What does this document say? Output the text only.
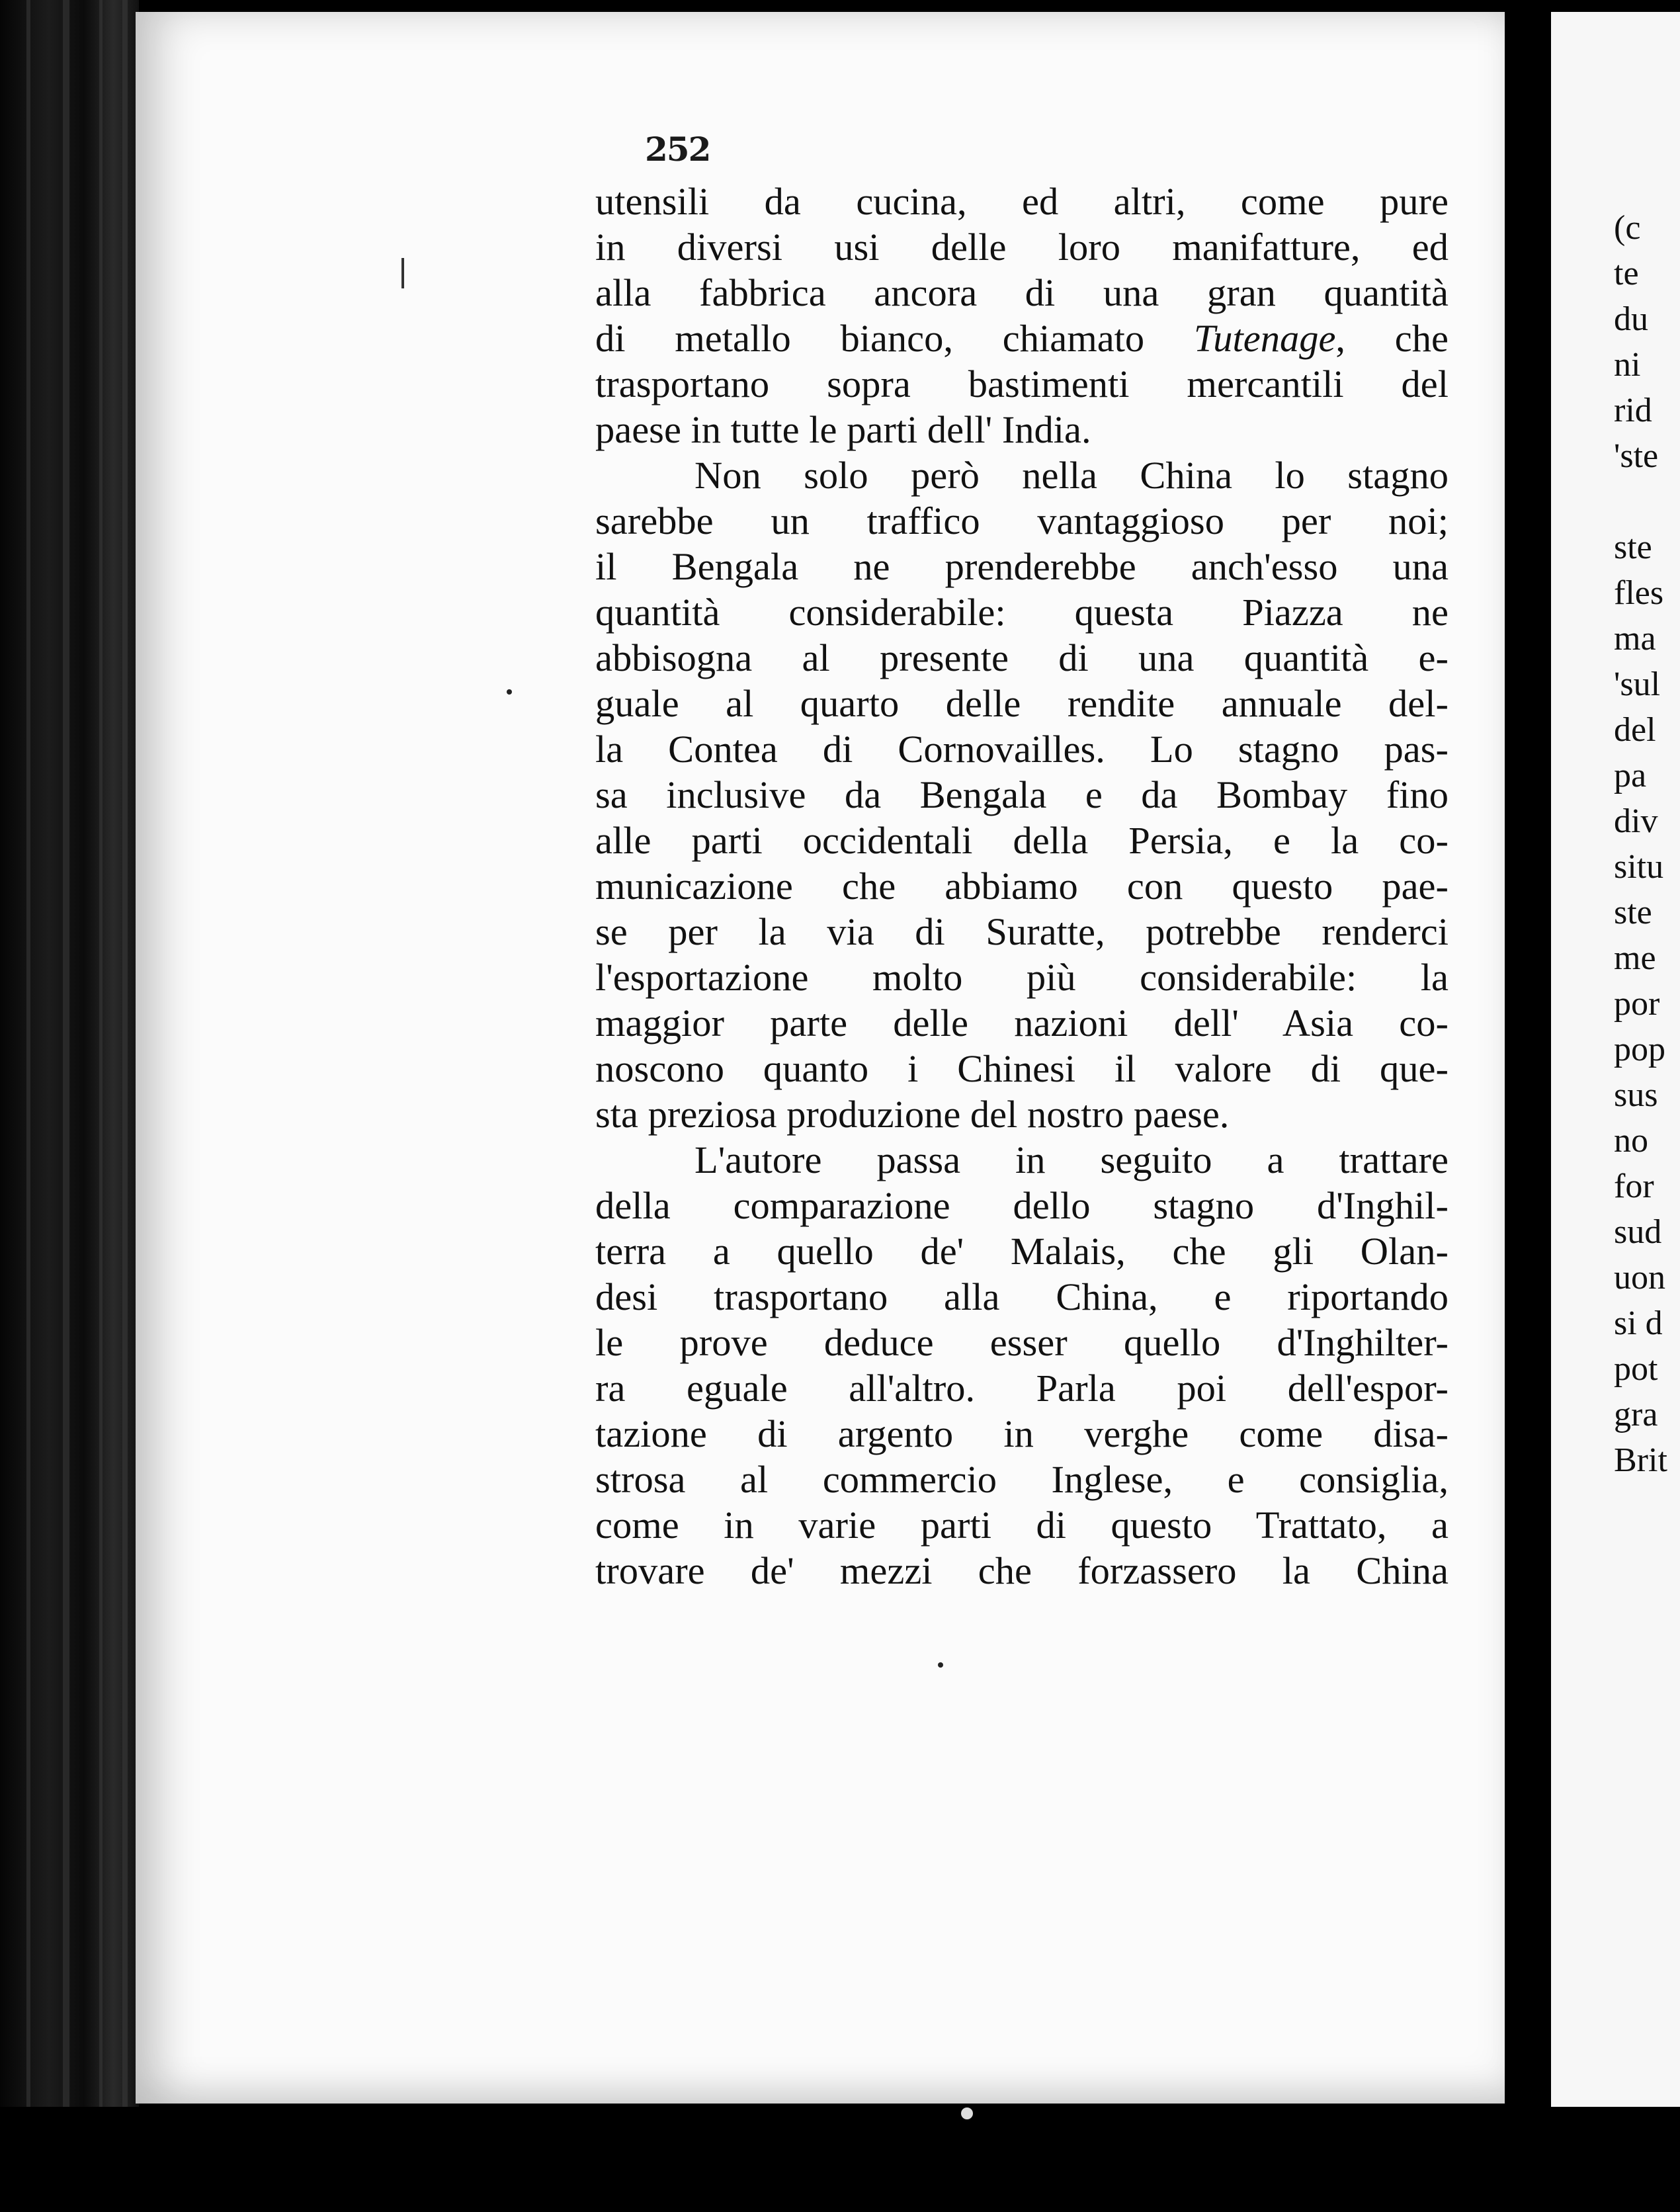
252
utensili da cucina, ed altri, come pure
in diversi usi delle loro manifatture, ed
alla fabbrica ancora di una gran quantità
di metallo bianco, chiamato Tutenage, che
trasportano sopra bastimenti mercantili del
paese in tutte le parti dell' India.
Non solo però nella China lo stagno
sarebbe un traffico vantaggioso per noi;
il Bengala ne prenderebbe anch'esso una
quantità considerabile: questa Piazza ne
abbisogna al presente di una quantità e-
guale al quarto delle rendite annuale del-
la Contea di Cornovailles. Lo stagno pas-
sa inclusive da Bengala e da Bombay fino
alle parti occidentali della Persia, e la co-
municazione che abbiamo con questo pae-
se per la via di Suratte, potrebbe renderci
l'esportazione molto più considerabile: la
maggior parte delle nazioni dell' Asia co-
noscono quanto i Chinesi il valore di que-
sta preziosa produzione del nostro paese.
L'autore passa in seguito a trattare
della comparazione dello stagno d'Inghil-
terra a quello de' Malais, che gli Olan-
desi trasportano alla China, e riportando
le prove deduce esser quello d'Inghilter-
ra eguale all'altro. Parla poi dell'espor-
tazione di argento in verghe come disa-
strosa al commercio Inglese, e consiglia,
come in varie parti di questo Trattato, a
trovare de' mezzi che forzassero la China
(c
te
du
ni
rid
'ste
ste
fles
ma
'sul
del
pa
div
situ
ste
me
por
pop
sus
no
for
sud
uon
si d
pot
gra
Brit
